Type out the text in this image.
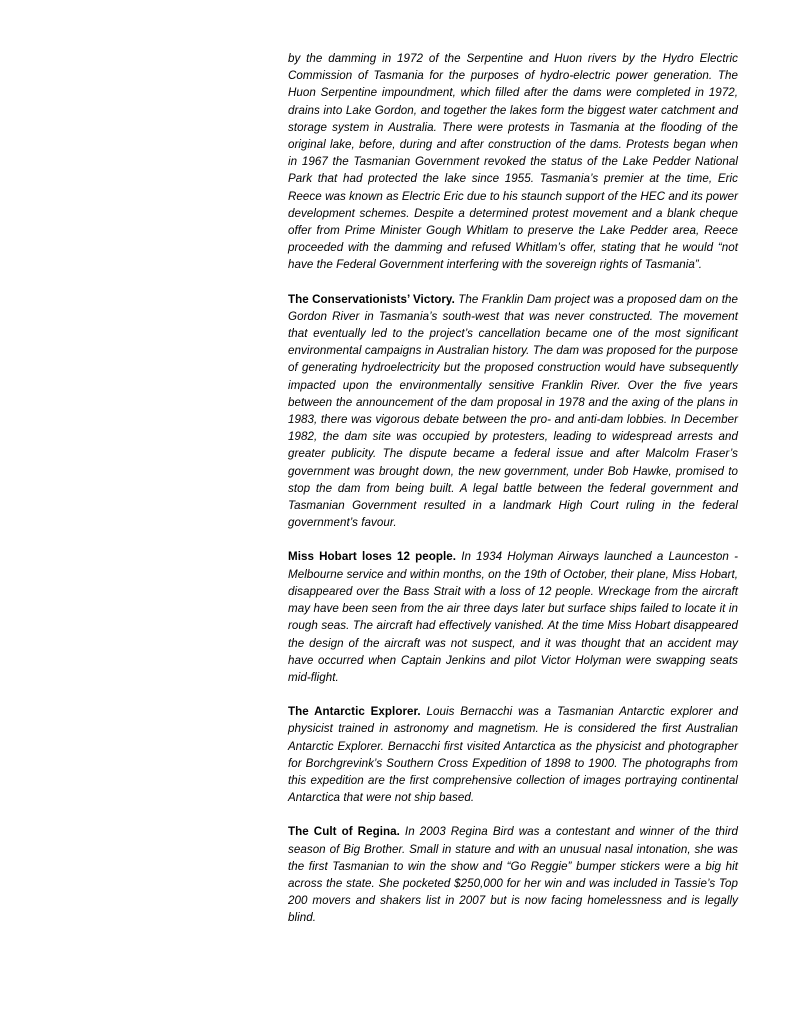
by the damming in 1972 of the Serpentine and Huon rivers by the Hydro Electric Commission of Tasmania for the purposes of hydro-electric power generation. The Huon Serpentine impoundment, which filled after the dams were completed in 1972, drains into Lake Gordon, and together the lakes form the biggest water catchment and storage system in Australia. There were protests in Tasmania at the flooding of the original lake, before, during and after construction of the dams. Protests began when in 1967 the Tasmanian Government revoked the status of the Lake Pedder National Park that had protected the lake since 1955. Tasmania’s premier at the time, Eric Reece was known as Electric Eric due to his staunch support of the HEC and its power development schemes. Despite a determined protest movement and a blank cheque offer from Prime Minister Gough Whitlam to preserve the Lake Pedder area, Reece proceeded with the damming and refused Whitlam’s offer, stating that he would “not have the Federal Government interfering with the sovereign rights of Tasmania”.

The Conservationists’ Victory. The Franklin Dam project was a proposed dam on the Gordon River in Tasmania’s south-west that was never constructed. The movement that eventually led to the project’s cancellation became one of the most significant environmental campaigns in Australian history. The dam was proposed for the purpose of generating hydroelectricity but the proposed construction would have subsequently impacted upon the environmentally sensitive Franklin River. Over the five years between the announcement of the dam proposal in 1978 and the axing of the plans in 1983, there was vigorous debate between the pro- and anti-dam lobbies. In December 1982, the dam site was occupied by protesters, leading to widespread arrests and greater publicity. The dispute became a federal issue and after Malcolm Fraser’s government was brought down, the new government, under Bob Hawke, promised to stop the dam from being built. A legal battle between the federal government and Tasmanian Government resulted in a landmark High Court ruling in the federal government’s favour.

Miss Hobart loses 12 people. In 1934 Holyman Airways launched a Launceston - Melbourne service and within months, on the 19th of October, their plane, Miss Hobart, disappeared over the Bass Strait with a loss of 12 people. Wreckage from the aircraft may have been seen from the air three days later but surface ships failed to locate it in rough seas. The aircraft had effectively vanished. At the time Miss Hobart disappeared the design of the aircraft was not suspect, and it was thought that an accident may have occurred when Captain Jenkins and pilot Victor Holyman were swapping seats mid-flight.

The Antarctic Explorer. Louis Bernacchi was a Tasmanian Antarctic explorer and physicist trained in astronomy and magnetism. He is considered the first Australian Antarctic Explorer. Bernacchi first visited Antarctica as the physicist and photographer for Borchgrevink’s Southern Cross Expedition of 1898 to 1900. The photographs from this expedition are the first comprehensive collection of images portraying continental Antarctica that were not ship based.

The Cult of Regina. In 2003 Regina Bird was a contestant and winner of the third season of Big Brother. Small in stature and with an unusual nasal intonation, she was the first Tasmanian to win the show and “Go Reggie” bumper stickers were a big hit across the state. She pocketed $250,000 for her win and was included in Tassie’s Top 200 movers and shakers list in 2007 but is now facing homelessness and is legally blind.
